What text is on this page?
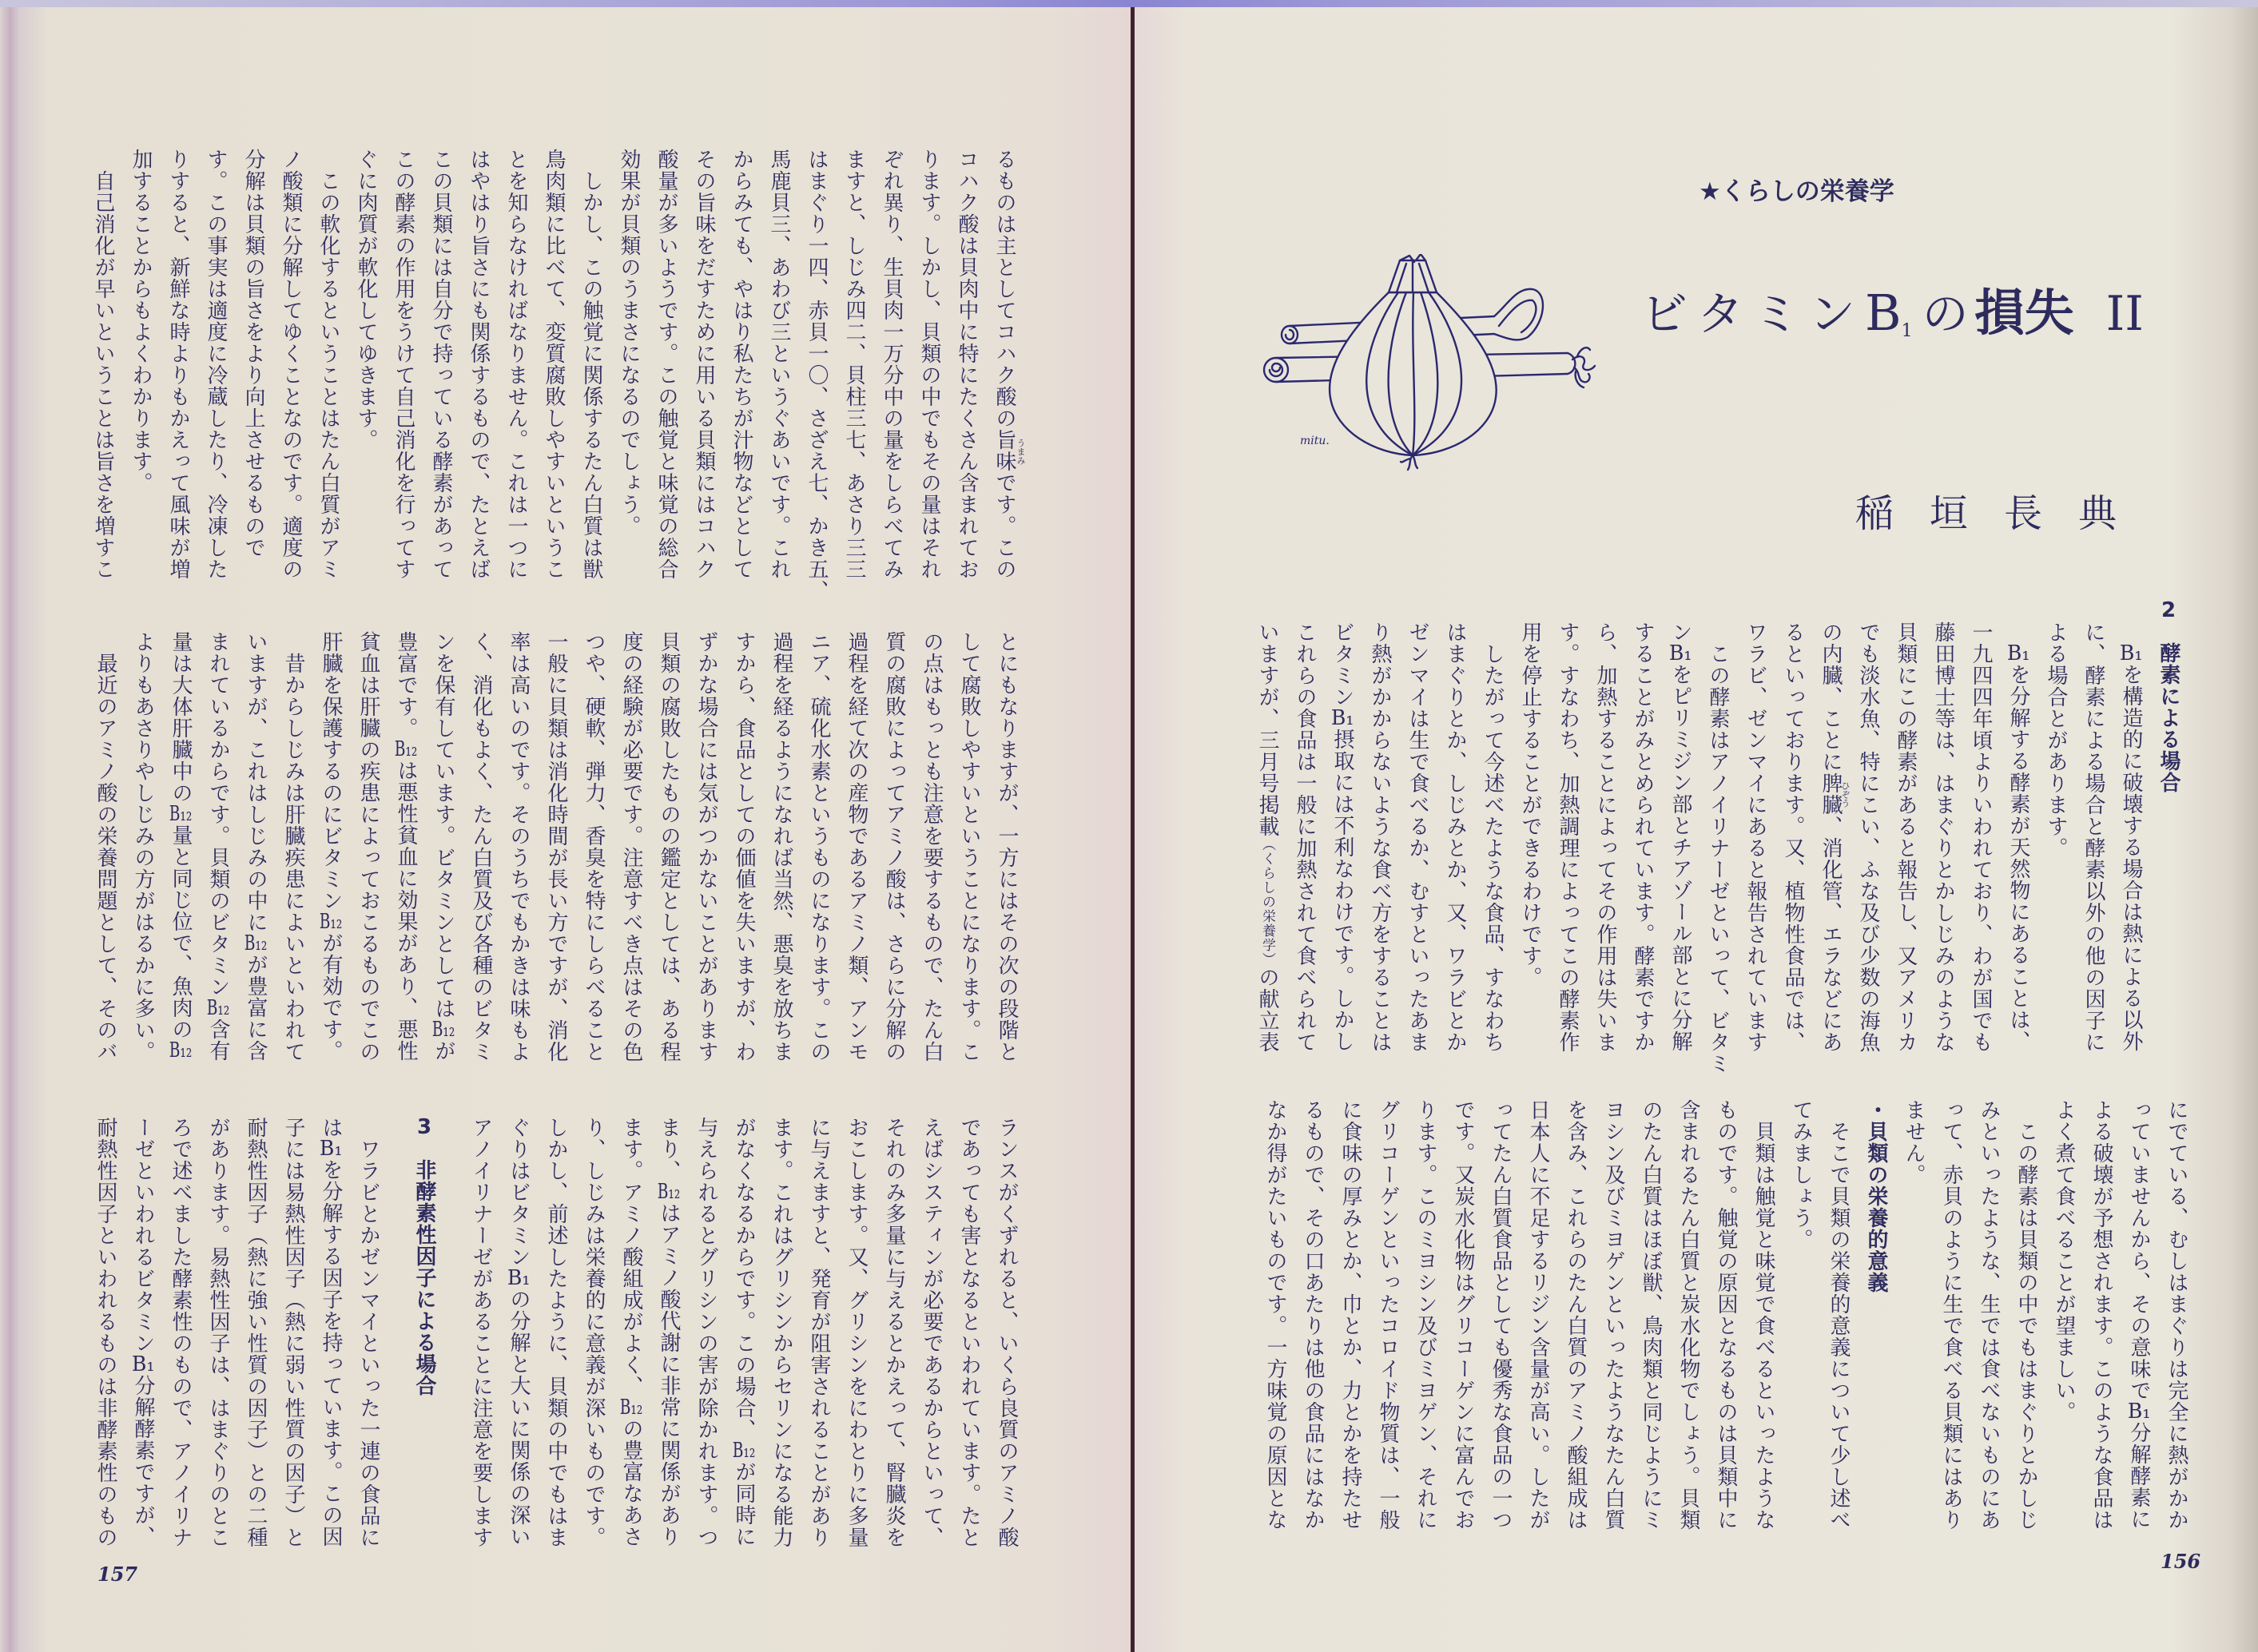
るものは主としてコハク酸の旨味です。この
コハク酸は貝肉中に特にたくさん含まれてお
ります。しかし、貝類の中でもその量はそれ
ぞれ異り、生貝肉一万分中の量をしらべてみ
ますと、しじみ四二、貝柱三七、あさり三三
はまぐり一四、赤貝一〇、さざえ七、かき五、
馬鹿貝三、あわび三というぐあいです。これ
からみても、やはり私たちが汁物などとして
その旨味をだすために用いる貝類にはコハク
酸量が多いようです。この触覚と味覚の総合
効果が貝類のうまさになるのでしょう。
　しかし、この触覚に関係するたん白質は獣
鳥肉類に比べて、変質腐敗しやすいというこ
とを知らなければなりません。これは一つに
はやはり旨さにも関係するもので、たとえば
この貝類には自分で持っている酵素があって
この酵素の作用をうけて自己消化を行ってす
ぐに肉質が軟化してゆきます。
　この軟化するということはたん白質がアミ
ノ酸類に分解してゆくことなのです。適度の
分解は貝類の旨さをより向上させるもので
す。この事実は適度に冷蔵したり、冷凍した
りすると、新鮮な時よりもかえって風味が増
加することからもよくわかります。
　自己消化が早いということは旨さを増すこ
とにもなりますが、一方にはその次の段階と
して腐敗しやすいということになります。こ
の点はもっとも注意を要するもので、たん白
質の腐敗によってアミノ酸は、さらに分解の
過程を経て次の産物であるアミノ類、アンモ
ニア、硫化水素というものになります。この
過程を経るようになれば当然、悪臭を放ちま
すから、食品としての価値を失いますが、わ
ずかな場合には気がつかないことがあります
貝類の腐敗したものの鑑定としては、ある程
度の経験が必要です。注意すべき点はその色
つや、硬軟、弾力、香臭を特にしらべること
一般に貝類は消化時間が長い方ですが、消化
率は高いのです。そのうちでもかきは味もよ
く、消化もよく、たん白質及び各種のビタミ
ンを保有しています。ビタミンとしてはB₁₂が
豊富です。B₁₂は悪性貧血に効果があり、悪性
貧血は肝臓の疾患によっておこるものでこの
肝臓を保護するのにビタミンB₁₂が有効です。
　昔からしじみは肝臓疾患によいといわれて
いますが、これはしじみの中にB₁₂が豊富に含
まれているからです。貝類のビタミンB₁₂含有
量は大体肝臓中のB₁₂量と同じ位で、魚肉のB₁₂
よりもあさりやしじみの方がはるかに多い。
　最近のアミノ酸の栄養問題として、そのバ
ランスがくずれると、いくら良質のアミノ酸
であっても害となるといわれています。たと
えばシスティンが必要であるからといって、
それのみ多量に与えるとかえって、腎臓炎を
おこします。又、グリシンをにわとりに多量
に与えますと、発育が阻害されることがあり
ます。これはグリシンからセリンになる能力
がなくなるからです。この場合、B₁₂が同時に
与えられるとグリシンの害が除かれます。つ
まり、B₁₂はアミノ酸代謝に非常に関係があり
ます。アミノ酸組成がよく、B₁₂の豊富なあさ
り、しじみは栄養的に意義が深いものです。
しかし、前述したように、貝類の中でもはま
ぐりはビタミンB₁の分解と大いに関係の深い
アノイリナーゼがあることに注意を要します
3非酵素性因子による場合
　ワラビとかゼンマイといった一連の食品に
はB₁を分解する因子を持っています。この因
子には易熱性因子（熱に弱い性質の因子）と
耐熱性因子（熱に強い性質の因子）との二種
があります。易熱性因子は、はまぐりのとこ
ろで述べました酵素性のもので、アノイリナ
ーゼといわれるビタミンB₁分解酵素ですが、
耐熱性因子といわれるものは非酵素性のもの
うまみ
157
★くらしの栄養学
mitu.
ビタミンB1 の 損失 II
稲垣長典
2酵素による場合
　B₁を構造的に破壊する場合は熱による以外
に、酵素による場合と酵素以外の他の因子に
よる場合とがあります。
　B₁を分解する酵素が天然物にあることは、
一九四四年頃よりいわれており、わが国でも
藤田博士等は、はまぐりとかしじみのような
貝類にこの酵素があると報告し、又アメリカ
でも淡水魚、特にこい、ふな及び少数の海魚
の内臓、ことに脾臓、消化管、エラなどにあ
るといっております。又、植物性食品では、
ワラビ、ゼンマイにあると報告されています
　この酵素はアノイリナーゼといって、ビタミ
ンB₁をピリミジン部とチアゾール部とに分解
することがみとめられています。酵素ですか
ら、加熱することによってその作用は失いま
す。すなわち、加熱調理によってこの酵素作
用を停止することができるわけです。
　したがって今述べたような食品、すなわち
はまぐりとか、しじみとか、又、ワラビとか
ゼンマイは生で食べるか、むすといったあま
り熱がかからないような食べ方をすることは
ビタミンB₁摂取には不利なわけです。しかし
これらの食品は一般に加熱されて食べられて
いますが、三月号掲載（くらしの栄養学）の献立表
にでている、むしはまぐりは完全に熱がかか
っていませんから、その意味でB₁分解酵素に
よる破壊が予想されます。このような食品は
よく煮て食べることが望ましい。
　この酵素は貝類の中でもはまぐりとかしじ
みといったような、生では食べないものにあ
って、赤貝のように生で食べる貝類にはあり
ません。
・貝類の栄養的意義
　そこで貝類の栄養的意義について少し述べ
てみましょう。
　貝類は触覚と味覚で食べるといったような
ものです。触覚の原因となるものは貝類中に
含まれるたん白質と炭水化物でしょう。貝類
のたん白質はほぼ獣、鳥肉類と同じようにミ
ヨシン及びミヨゲンといったようなたん白質
を含み、これらのたん白質のアミノ酸組成は
日本人に不足するリジン含量が高い。したが
ってたん白質食品としても優秀な食品の一つ
です。又炭水化物はグリコーゲンに富んでお
ります。このミヨシン及びミヨゲン、それに
グリコーゲンといったコロイド物質は、一般
に食味の厚みとか、巾とか、力とかを持たせ
るもので、その口あたりは他の食品にはなか
なか得がたいものです。一方味覚の原因とな
ひぞう
156
